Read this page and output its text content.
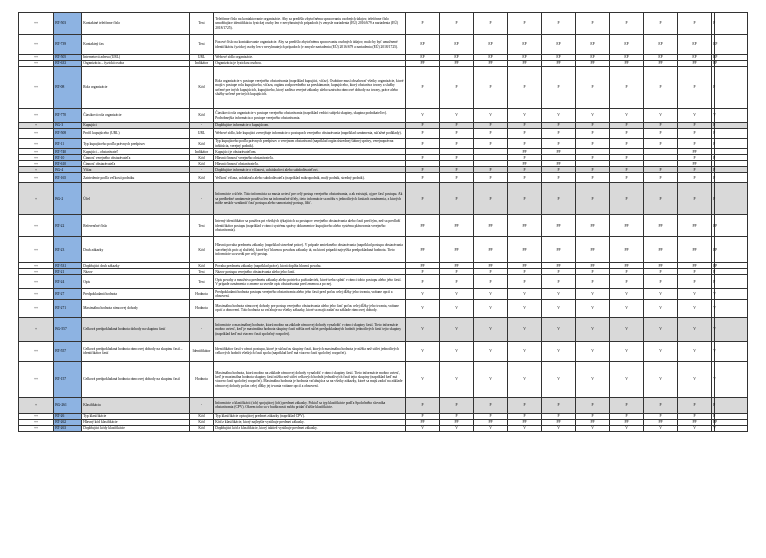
++	BT-503	Kontaktné telefónne číslo	Text	Telefónne číslo na kontaktovanie organizácie. Aby sa predišlo zbytočnému spracovaniu osobných údajov, telefónne číslo umožňujúce identifikáciu fyzickej osoby len v nevyhnutných prípadoch (v zmysle nariadenia (EÚ) 2016/679 a nariadenia (EÚ) 2018/1725).	P	P	P	P	P	P	P	P	P	P	
++	BT-739	Kontaktný fax	Text	Faxové číslo na kontaktovanie organizácie. Aby sa predišlo zbytočnému spracovaniu osobných údajov, malo by byť umožnené identifikáciu fyzickej osoby len v nevyhnutných prípadoch (v zmysle nariadenia (EÚ) 2016/679 a nariadenia (EÚ) 2018/1725).	EP	EP	EP	EP	EP	EP	EP	EP	EP	EP	
++	BT-505	Internetová adresa (URL)	URL	Webové sídlo organizácie.	EP	EP	EP	EP	EP	EP	EP	EP	EP	EP	
++	BT-633	Organizácia – fyzická osoba	Indikátor	Organizácia je fyzickou osobou.	PP	PP	PP	PP	PP	PP	PP	PP	PP	PP	
++	BT-08	Rola organizácie	Kód	Rola organizácie v postupe verejného obstarávania (napríklad kupujúci, víťaz). Osobitne musí obsahovať všetky organizácie, ktoré majú v postupe rolu kupujúceho, víťaza, orgánu zodpovedného za preskúmanie, kupujúceho, ktorý obstaráva tovary a služby určené pre iných kupujúcich, kupujúceho, ktorý zadáva verejné zákazky alebo uzatvára rámcové dohody na tovary, práce alebo služby určené pre iných kupujúcich.	P	P	P	P	P	P	P	P	P	P	
++	BT-770	Čiastková rola organizácie	Kód	Čiastková rola organizácie v postupe verejného obstarávania (napríklad vedúci subjekt skupiny, skupina podnikateľov). Podrobnejšia informácia o postupe verejného obstarávania.	V	V	V	V	V	V	V	V	V	V	
+	BG-3	Kupujúci	-	Doplňujúce informácie o kupujúcom.	P	P	P	P	P	P	P	P	P	P	
++	BT-508	Profil kupujúceho (URL)	URL	Webové sídlo, kde kupujúci zverejňuje informácie o postupoch verejného obstarávania (napríklad oznámenia, súťažné podklady).	P	P	P	P	P	P	P	P	P	P	
++	BT-11	Typ kupujúceho podľa právnych predpisov	Kód	Typ kupujúceho podľa právnych predpisov o verejnom obstarávaní (napríklad orgán ústrednej štátnej správy, verejnoprávna inštitúcia, verejný podnik).	P	P	P	P	P	P	P	P	P	P	
++	BT-740	Kupujúci – obstarávateľ	Indikátor	Kupujúci je obstarávateľom.				PP	PP				PP		
++	BT-10	Činnosť verejného obstarávateľa	Kód	Hlavná činnosť verejného obstarávateľa.	P	P		P		P	P		P	P	
++	BT-610	Činnosť obstarávateľa	Kód	Hlavná činnosť obstarávateľa.				PP	PP				PP		
+	BG-4	Víťaz	-	Doplňujúce informácie o víťazovi, uchádzačovi alebo subdodávateľovi.	P	P	P	P	P	P	P	P	P	P	
++	BT-165	Zatriedenie podľa veľkosti podniku	Kód	Veľkosť víťaza, uchádzača alebo subdodávateľa (napríklad mikropodnik, malý podnik, stredný podnik).	P	P	P	P	P	P	P	P	P	P	
+	BG-2	Účel	-	Informácie o účele. Táto informácia sa musia uviesť pre celý postup verejného obstarávania, a ak existujú, aj pre časť postupu. Ak sa predbežné oznámenie používa len na informačné účely, tieto informácie sa môžu v jednotlivých častiach oznámenia, z ktorých môže neskôr vzniknúť časť postupu alebo samostatný postup, líšiť.	P	P	P	P	P	P	P	P	P	P	
++	BT-22	Referenčné číslo	Text	Interný identifikátor sa používa pri všetkých týkajúcich sa postupov verejného obstarávania alebo častí pred tým, než sa predloží identifikátor postupu (napríklad v rámci systému správy dokumentov kupujúceho alebo systému plánovania verejného obstarávania).	PP	PP	PP	PP	PP	PP	PP	PP	PP	PP	
++	BT-23	Druh zákazky	Kód	Hlavná povaha predmetu zákazky (napríklad stavebné práce). V prípade zmiešaného obstarávania (napríklad postupu obstarávania stavebných prác aj služieb), ktoré byť hlavnou povahou zákazky tá, na ktorú pripadá najvyššia predpokladaná hodnota. Tieto informácie sa uvedú pre celý postup.	PP	PP	PP	PP	PP	PP	PP	PP	PP	PP	
++	BT-531	Doplňujúci druh zákazky	Kód	Povaha predmetu zákazky (napríklad práce), ktorá doplňa hlavnú povahu.	PP	PP	PP	PP	PP	PP	PP	PP	PP	PP	
++	BT-21	Názov	Text	Názov postupu verejného obstarávania alebo jeho častí.	P	P	P	P	P	P	P	P	P	P	
++	BT-24	Opis	Text	Opis povahy a množstva predmetu zákazky alebo potrieb a požiadaviek, ktoré treba splniť v rámci tohto postupu alebo jeho častí. V prípade oznámenia o zmene sa uvedie opis obstarávania pred zmenou a po nej.	P	P	P	P	P	P	P	P	P	P	
++	BT-27	Predpokladaná hodnota	Hodnota	Predpokladaná hodnota postupu verejného obstarávania alebo jeho častí pred počas celej dĺžky jeho trvania, vrátane opcií a obnovení.	V	V	V	V	V	V	V	V	V	V	
++	BT-271	Maximálna hodnota rámcovej dohody	Hodnota	Maximálna hodnota rámcovej dohody pre postup verejného obstarávania alebo jeho časť počas celej dĺžky jeho trvania, vrátane opcií a obnovení. Táto hodnota sa vzťahuje na všetky zákazky, ktoré sa majú zadať na základe rámcovej dohody.	V	V	V	V	V	V	V	V	V	V	
+	BG-557	Celková predpokladaná hodnota dohody na skupinu častí	-	Informácie o maximálnej hodnote, ktorú možno na základe rámcovej dohody vynaložiť v rámci skupiny častí. Tieto informácie možno uviesť, keď je maximálna hodnota skupiny častí nižšia než súčet predpokladaných hodnôt jednotlivých častí tejto skupiny (napríklad keď má viacero častí spoločný rozpočet).	V	V	V	V	V	V	V	V	V	V	
++	BT-557	Celková predpokladaná hodnota rámcovej dohody na skupinu častí – identifikátor častí	Identifikátor	Identifikátor častí v rámci postupu, ktoré je súčasťou skupiny častí, ktorých maximálna hodnota je nižšia než súčet jednotlivých celkových hodnôt všetkých častí spolu (napríklad keď má viacero častí spoločný rozpočet).	V	V	V	V	V	V	V	V	V	V	
++	BT-157	Celková predpokladaná hodnota rámcovej dohody na skupinu častí	Hodnota	Maximálna hodnota, ktorú možno na základe rámcovej dohody vynaložiť v rámci skupiny častí. Tieto informácie možno uviesť, keď je maximálna hodnota skupiny častí nižšia než súčet celkových hodnôt jednotlivých častí tejto skupiny (napríklad keď má viacero častí spoločný rozpočet). Maximálna hodnota je hodnota vzťahujúca sa na všetky zákazky, ktoré sa majú zadať na základe rámcovej dohody počas celej dĺžky jej trvania vrátane opcií a obnovení.	V	V	V	V	V	V	V	V	V	V	
+	BG-261	Klasifikácia	-	Informácie o klasifikácii (ich) spojujúcej (ich) predmet zákazky. Pokiaľ sa typ klasifikácie podľa Spoločného slovníka obstarávania (CPV). Okrem toho sa v budúcnosti môžu pridať ďalšie klasifikácie.	P	P	P	P	P	P	P	P	P	P	
++	BT-26	Typ klasifikácie	Kód	Typ klasifikácie opisujúcej predmet zákazky (napríklad CPV).	P	P	P	P	P	P	P	P	P	P	
++	BT-262	Hlavný kód klasifikácie	Kód	Kód z klasifikácie, ktorý najlepšie vystihuje predmet zákazky.	PP	PP	PP	PP	PP	PP	PP	PP	PP	PP	
++	BT-263	Doplňujúci kódy klasifikácie	Kód	Doplňujúci kód z klasifikácie, ktorý taktiež vystihuje predmet zákazky.	V	V	V	V	V	V	V	V	V	V	
